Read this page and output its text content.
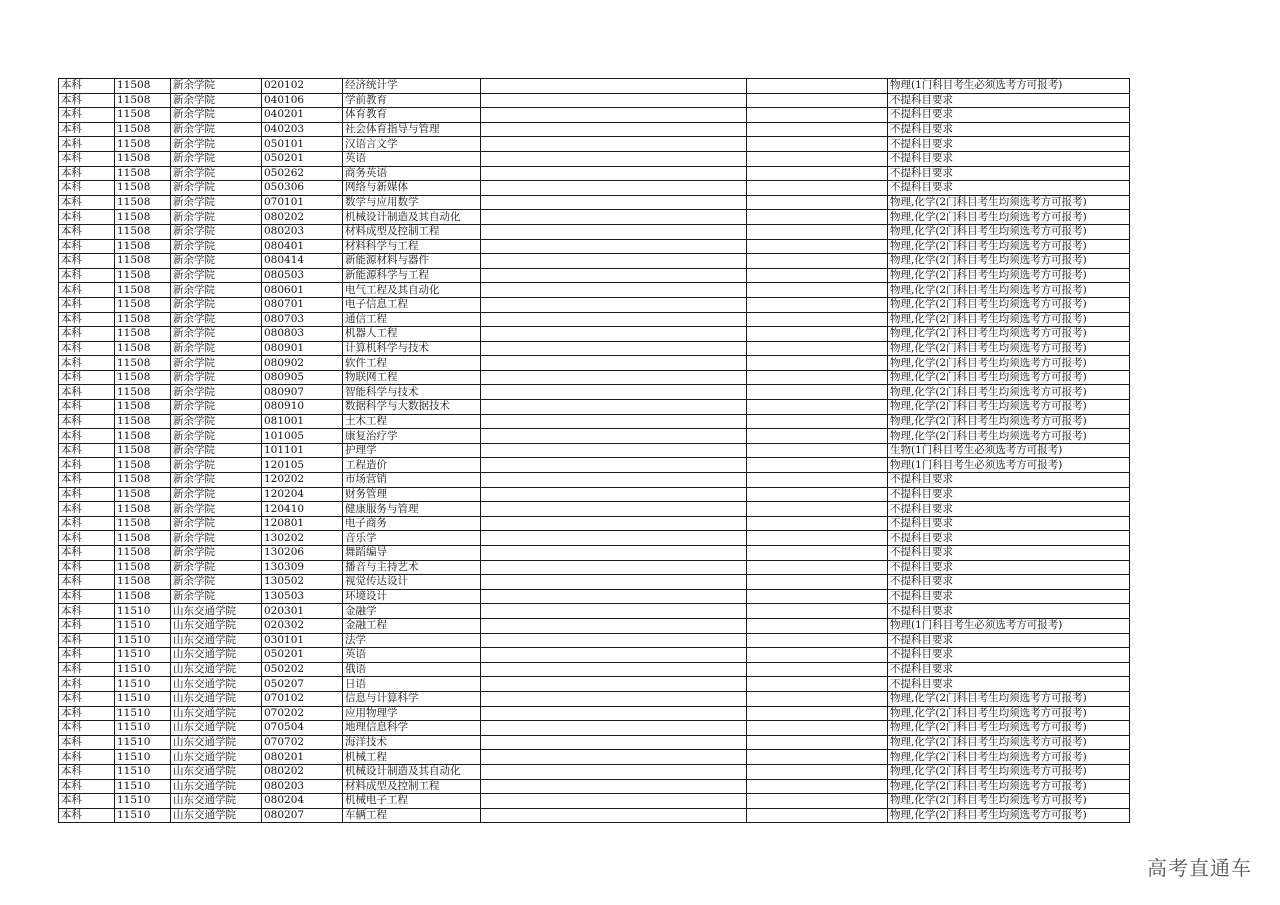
本科	11508	新余学院	020102	经济统计学			物理(1门科目考生必须选考方可报考)
本科	11508	新余学院	040106	学前教育			不提科目要求
本科	11508	新余学院	040201	体育教育			不提科目要求
本科	11508	新余学院	040203	社会体育指导与管理			不提科目要求
本科	11508	新余学院	050101	汉语言文学			不提科目要求
本科	11508	新余学院	050201	英语			不提科目要求
本科	11508	新余学院	050262	商务英语			不提科目要求
本科	11508	新余学院	050306	网络与新媒体			不提科目要求
本科	11508	新余学院	070101	数学与应用数学			物理,化学(2门科目考生均须选考方可报考)
本科	11508	新余学院	080202	机械设计制造及其自动化			物理,化学(2门科目考生均须选考方可报考)
本科	11508	新余学院	080203	材料成型及控制工程			物理,化学(2门科目考生均须选考方可报考)
本科	11508	新余学院	080401	材料科学与工程			物理,化学(2门科目考生均须选考方可报考)
本科	11508	新余学院	080414	新能源材料与器件			物理,化学(2门科目考生均须选考方可报考)
本科	11508	新余学院	080503	新能源科学与工程			物理,化学(2门科目考生均须选考方可报考)
本科	11508	新余学院	080601	电气工程及其自动化			物理,化学(2门科目考生均须选考方可报考)
本科	11508	新余学院	080701	电子信息工程			物理,化学(2门科目考生均须选考方可报考)
本科	11508	新余学院	080703	通信工程			物理,化学(2门科目考生均须选考方可报考)
本科	11508	新余学院	080803	机器人工程			物理,化学(2门科目考生均须选考方可报考)
本科	11508	新余学院	080901	计算机科学与技术			物理,化学(2门科目考生均须选考方可报考)
本科	11508	新余学院	080902	软件工程			物理,化学(2门科目考生均须选考方可报考)
本科	11508	新余学院	080905	物联网工程			物理,化学(2门科目考生均须选考方可报考)
本科	11508	新余学院	080907	智能科学与技术			物理,化学(2门科目考生均须选考方可报考)
本科	11508	新余学院	080910	数据科学与大数据技术			物理,化学(2门科目考生均须选考方可报考)
本科	11508	新余学院	081001	土木工程			物理,化学(2门科目考生均须选考方可报考)
本科	11508	新余学院	101005	康复治疗学			物理,化学(2门科目考生均须选考方可报考)
本科	11508	新余学院	101101	护理学			生物(1门科目考生必须选考方可报考)
本科	11508	新余学院	120105	工程造价			物理(1门科目考生必须选考方可报考)
本科	11508	新余学院	120202	市场营销			不提科目要求
本科	11508	新余学院	120204	财务管理			不提科目要求
本科	11508	新余学院	120410	健康服务与管理			不提科目要求
本科	11508	新余学院	120801	电子商务			不提科目要求
本科	11508	新余学院	130202	音乐学			不提科目要求
本科	11508	新余学院	130206	舞蹈编导			不提科目要求
本科	11508	新余学院	130309	播音与主持艺术			不提科目要求
本科	11508	新余学院	130502	视觉传达设计			不提科目要求
本科	11508	新余学院	130503	环境设计			不提科目要求
本科	11510	山东交通学院	020301	金融学			不提科目要求
本科	11510	山东交通学院	020302	金融工程			物理(1门科目考生必须选考方可报考)
本科	11510	山东交通学院	030101	法学			不提科目要求
本科	11510	山东交通学院	050201	英语			不提科目要求
本科	11510	山东交通学院	050202	俄语			不提科目要求
本科	11510	山东交通学院	050207	日语			不提科目要求
本科	11510	山东交通学院	070102	信息与计算科学			物理,化学(2门科目考生均须选考方可报考)
本科	11510	山东交通学院	070202	应用物理学			物理,化学(2门科目考生均须选考方可报考)
本科	11510	山东交通学院	070504	地理信息科学			物理,化学(2门科目考生均须选考方可报考)
本科	11510	山东交通学院	070702	海洋技术			物理,化学(2门科目考生均须选考方可报考)
本科	11510	山东交通学院	080201	机械工程			物理,化学(2门科目考生均须选考方可报考)
本科	11510	山东交通学院	080202	机械设计制造及其自动化			物理,化学(2门科目考生均须选考方可报考)
本科	11510	山东交通学院	080203	材料成型及控制工程			物理,化学(2门科目考生均须选考方可报考)
本科	11510	山东交通学院	080204	机械电子工程			物理,化学(2门科目考生均须选考方可报考)
本科	11510	山东交通学院	080207	车辆工程			物理,化学(2门科目考生均须选考方可报考)
高考直通车
